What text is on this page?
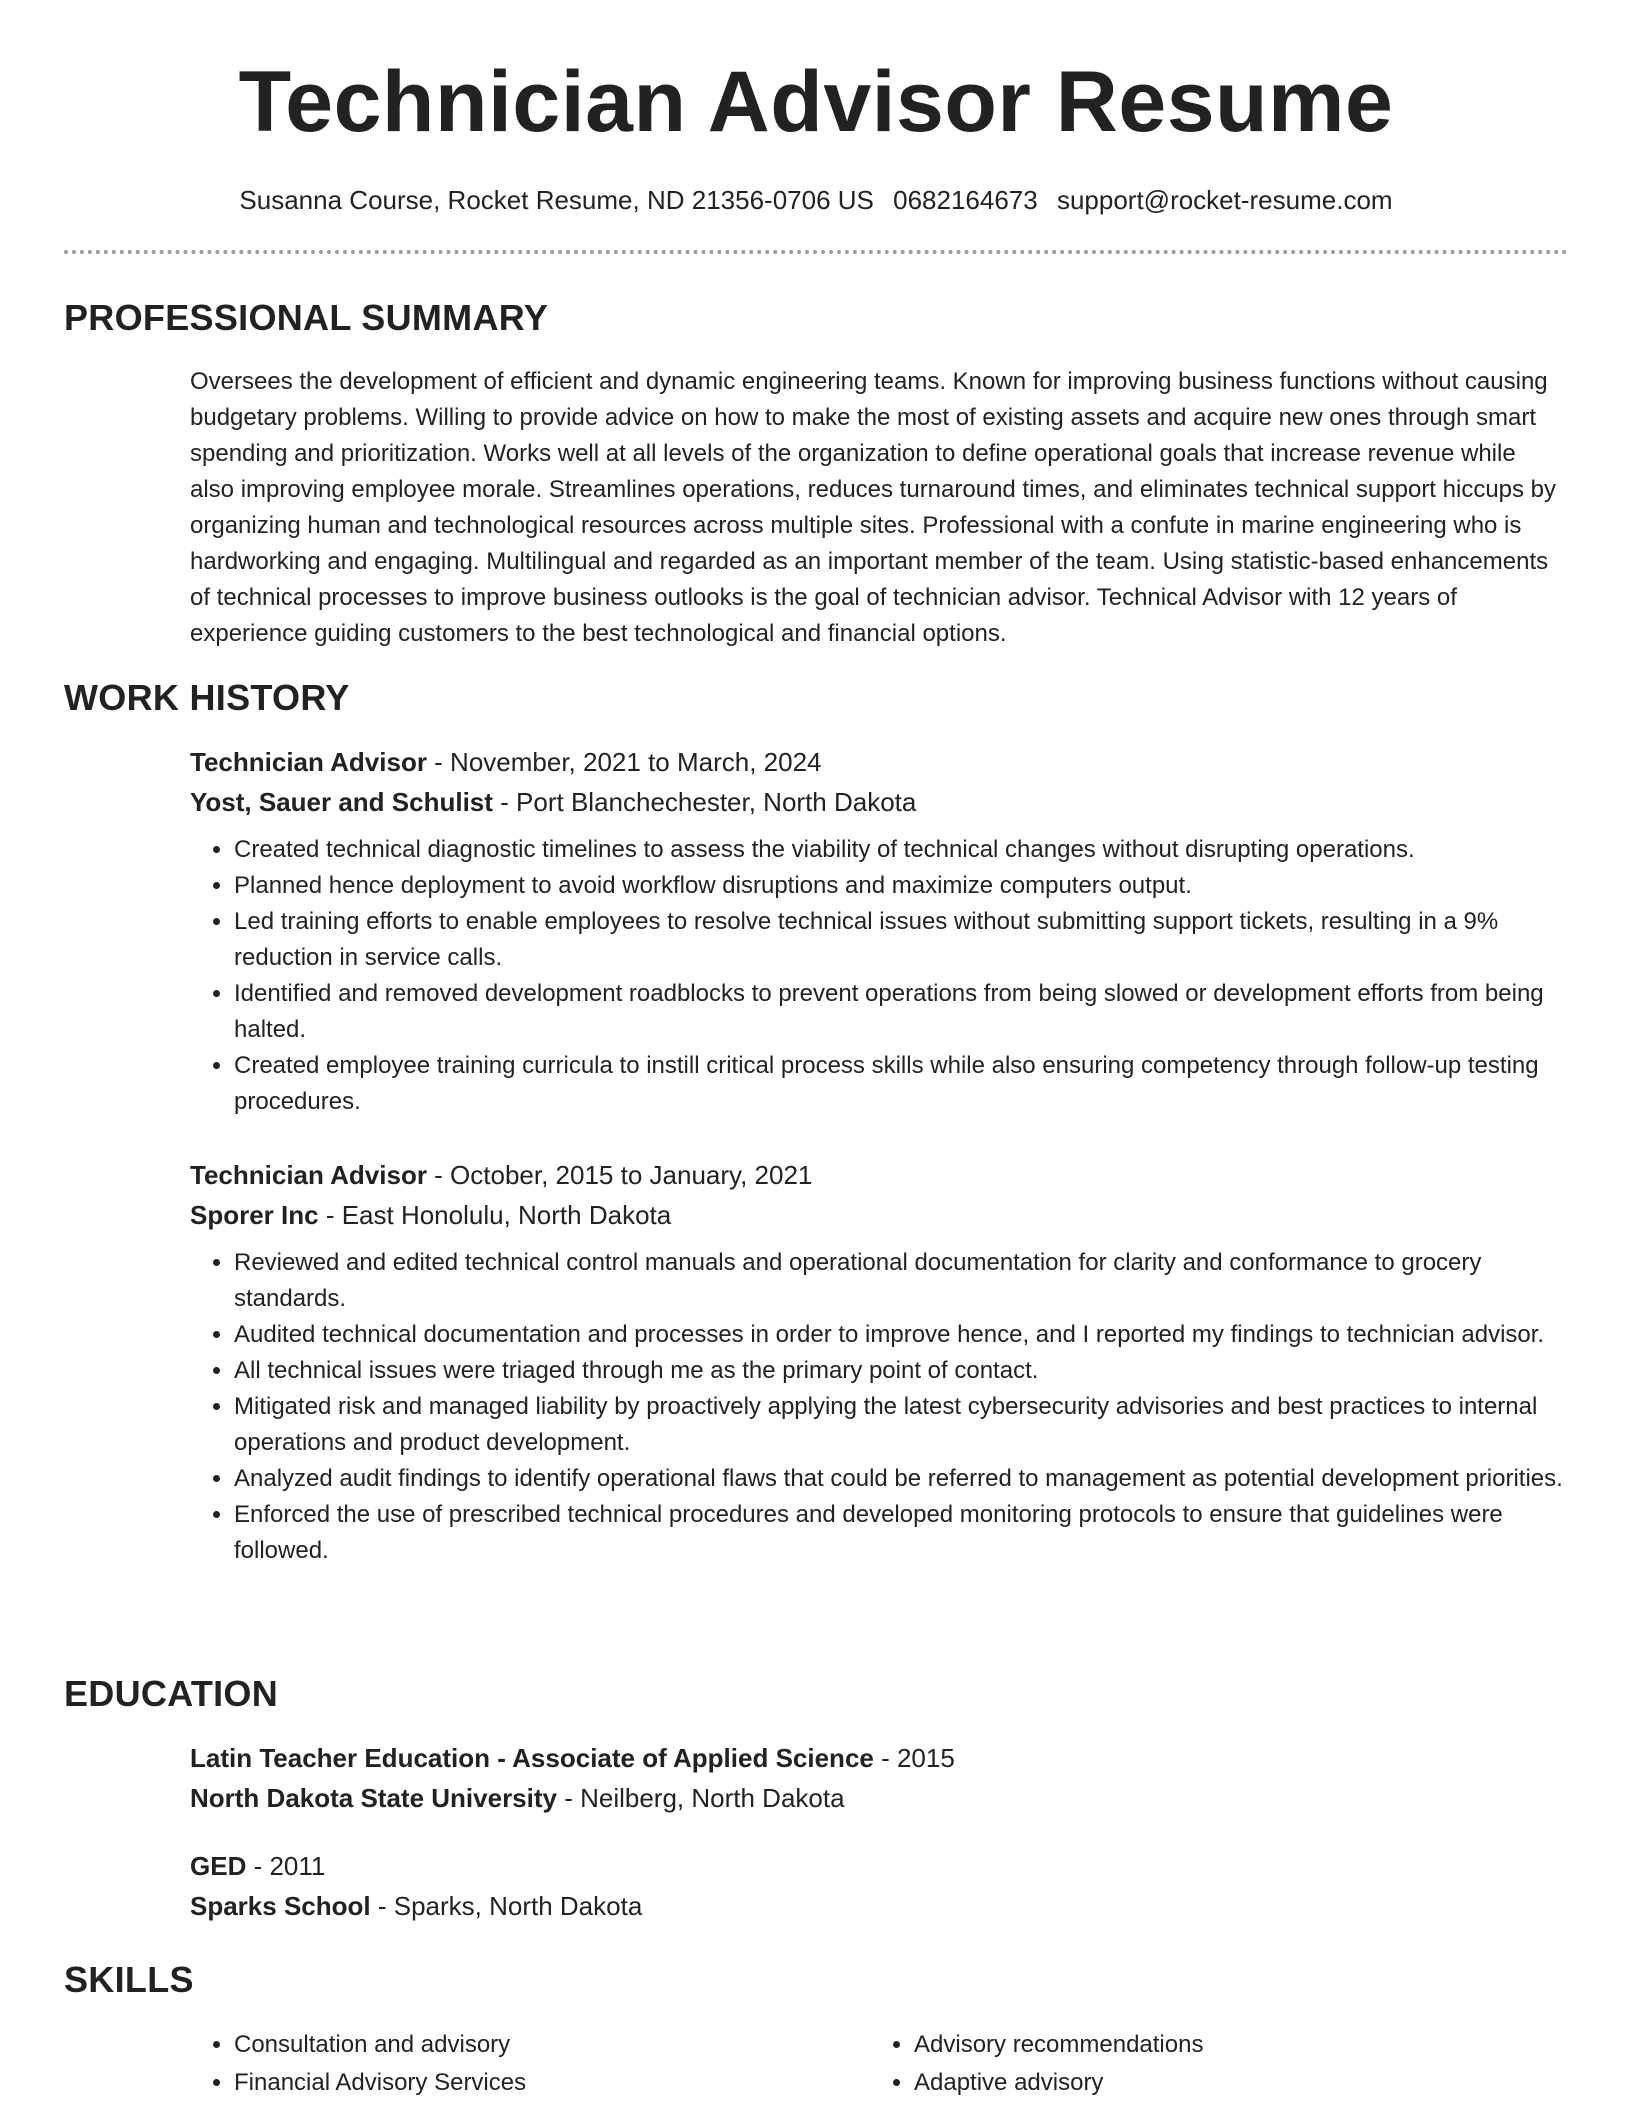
Technician Advisor Resume
Susanna Course, Rocket Resume, ND 21356-0706 US 0682164673 support@rocket-resume.com
PROFESSIONAL SUMMARY
Oversees the development of efficient and dynamic engineering teams. Known for improving business functions without causing budgetary problems. Willing to provide advice on how to make the most of existing assets and acquire new ones through smart spending and prioritization. Works well at all levels of the organization to define operational goals that increase revenue while also improving employee morale. Streamlines operations, reduces turnaround times, and eliminates technical support hiccups by organizing human and technological resources across multiple sites. Professional with a confute in marine engineering who is hardworking and engaging. Multilingual and regarded as an important member of the team. Using statistic-based enhancements of technical processes to improve business outlooks is the goal of technician advisor. Technical Advisor with 12 years of experience guiding customers to the best technological and financial options.
WORK HISTORY
Technician Advisor - November, 2021 to March, 2024
Yost, Sauer and Schulist - Port Blanchechester, North Dakota
• Created technical diagnostic timelines to assess the viability of technical changes without disrupting operations.
• Planned hence deployment to avoid workflow disruptions and maximize computers output.
• Led training efforts to enable employees to resolve technical issues without submitting support tickets, resulting in a 9% reduction in service calls.
• Identified and removed development roadblocks to prevent operations from being slowed or development efforts from being halted.
• Created employee training curricula to instill critical process skills while also ensuring competency through follow-up testing procedures.
Technician Advisor - October, 2015 to January, 2021
Sporer Inc - East Honolulu, North Dakota
• Reviewed and edited technical control manuals and operational documentation for clarity and conformance to grocery standards.
• Audited technical documentation and processes in order to improve hence, and I reported my findings to technician advisor.
• All technical issues were triaged through me as the primary point of contact.
• Mitigated risk and managed liability by proactively applying the latest cybersecurity advisories and best practices to internal operations and product development.
• Analyzed audit findings to identify operational flaws that could be referred to management as potential development priorities.
• Enforced the use of prescribed technical procedures and developed monitoring protocols to ensure that guidelines were followed.
EDUCATION
Latin Teacher Education - Associate of Applied Science - 2015
North Dakota State University - Neilberg, North Dakota
GED - 2011
Sparks School - Sparks, North Dakota
SKILLS
• Consultation and advisory
• Financial Advisory Services
• Advisory recommendations
• Adaptive advisory
